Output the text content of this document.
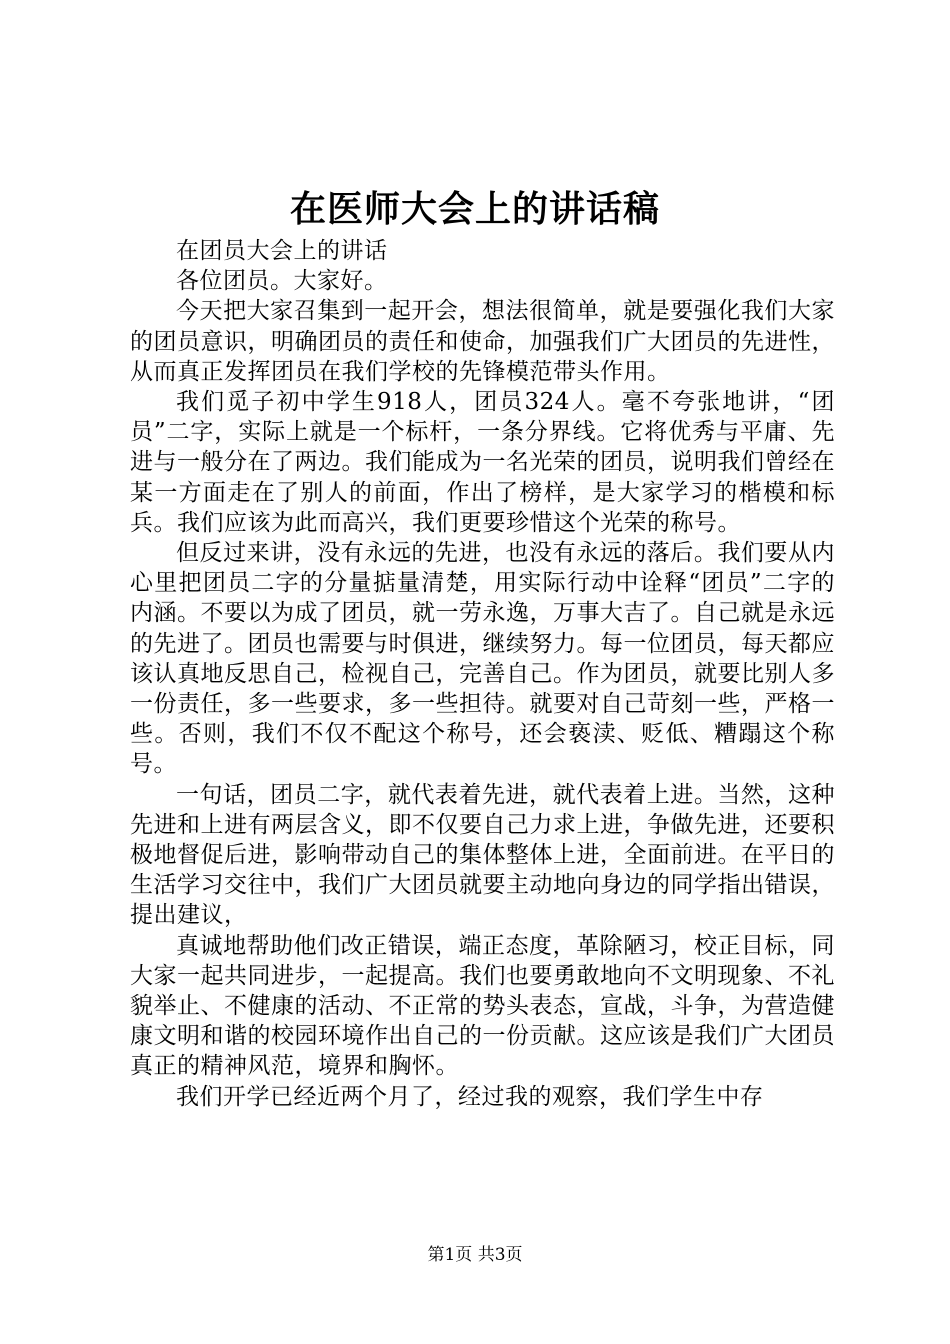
在医师大会上的讲话稿

在团员大会上的讲话

各位团员。大家好。

今天把大家召集到一起开会，想法很简单，就是要强化我们大家的团员意识，明确团员的责任和使命，加强我们广大团员的先进性，从而真正发挥团员在我们学校的先锋模范带头作用。

我们觅子初中学生918人，团员324人。毫不夸张地讲，“团员”二字，实际上就是一个标杆，一条分界线。它将优秀与平庸、先进与一般分在了两边。我们能成为一名光荣的团员，说明我们曾经在某一方面走在了别人的前面，作出了榜样，是大家学习的楷模和标兵。我们应该为此而高兴，我们更要珍惜这个光荣的称号。

但反过来讲，没有永远的先进，也没有永远的落后。我们要从内心里把团员二字的分量掂量清楚，用实际行动中诠释“团员”二字的内涵。不要以为成了团员，就一劳永逸，万事大吉了。自己就是永远的先进了。团员也需要与时俱进，继续努力。每一位团员，每天都应该认真地反思自己，检视自己，完善自己。作为团员，就要比别人多一份责任，多一些要求，多一些担待。就要对自己苛刻一些，严格一些。否则，我们不仅不配这个称号，还会亵渎、贬低、糟蹋这个称号。

一句话，团员二字，就代表着先进，就代表着上进。当然，这种先进和上进有两层含义，即不仅要自己力求上进，争做先进，还要积极地督促后进，影响带动自己的集体整体上进，全面前进。在平日的生活学习交往中，我们广大团员就要主动地向身边的同学指出错误，提出建议，

真诚地帮助他们改正错误，端正态度，革除陋习，校正目标，同大家一起共同进步，一起提高。我们也要勇敢地向不文明现象、不礼貌举止、不健康的活动、不正常的势头表态，宣战，斗争，为营造健康文明和谐的校园环境作出自己的一份贡献。这应该是我们广大团员真正的精神风范，境界和胸怀。

我们开学已经近两个月了，经过我的观察，我们学生中存

第1页 共3页
